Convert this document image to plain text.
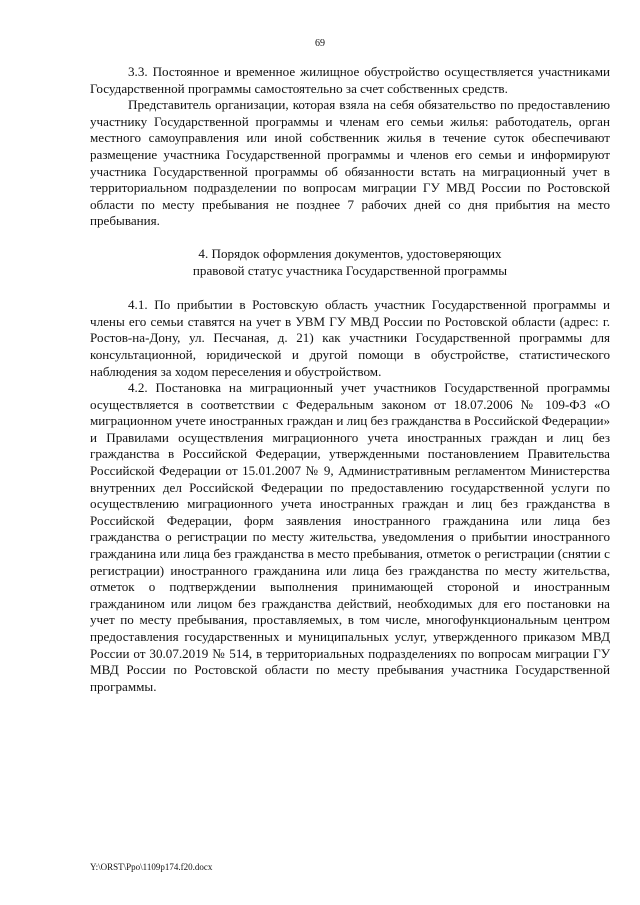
69

3.3. Постоянное и временное жилищное обустройство осуществляется участниками Государственной программы самостоятельно за счет собственных средств.

Представитель организации, которая взяла на себя обязательство по предоставлению участнику Государственной программы и членам его семьи жилья: работодатель, орган местного самоуправления или иной собственник жилья в течение суток обеспечивают размещение участника Государственной программы и членов его семьи и информируют участника Государственной программы об обязанности встать на миграционный учет в территориальном подразделении по вопросам миграции ГУ МВД России по Ростовской области по месту пребывания не позднее 7 рабочих дней со дня прибытия на место пребывания.

4. Порядок оформления документов, удостоверяющих

правовой статус участника Государственной программы

4.1. По прибытии в Ростовскую область участник Государственной программы и члены его семьи ставятся на учет в УВМ ГУ МВД России по Ростовской области (адрес: г. Ростов-на-Дону, ул. Песчаная, д. 21) как участники Государственной программы для консультационной, юридической и другой помощи в обустройстве, статистического наблюдения за ходом переселения и обустройством.

4.2. Постановка на миграционный учет участников Государственной программы осуществляется в соответствии с Федеральным законом от 18.07.2006 № 109-ФЗ «О миграционном учете иностранных граждан и лиц без гражданства в Российской Федерации» и Правилами осуществления миграционного учета иностранных граждан и лиц без гражданства в Российской Федерации, утвержденными постановлением Правительства Российской Федерации от 15.01.2007 № 9, Административным регламентом Министерства внутренних дел Российской Федерации по предоставлению государственной услуги по осуществлению миграционного учета иностранных граждан и лиц без гражданства в Российской Федерации, форм заявления иностранного гражданина или лица без гражданства о регистрации по месту жительства, уведомления о прибытии иностранного гражданина или лица без гражданства в место пребывания, отметок о регистрации (снятии с регистрации) иностранного гражданина или лица без гражданства по месту жительства, отметок о подтверждении выполнения принимающей стороной и иностранным гражданином или лицом без гражданства действий, необходимых для его постановки на учет по месту пребывания, проставляемых, в том числе, многофункциональным центром предоставления государственных и муниципальных услуг, утвержденного приказом МВД России от 30.07.2019 № 514, в территориальных подразделениях по вопросам миграции ГУ МВД России по Ростовской области по месту пребывания участника Государственной программы.

Y:\ORST\Ppo\1109p174.f20.docx
